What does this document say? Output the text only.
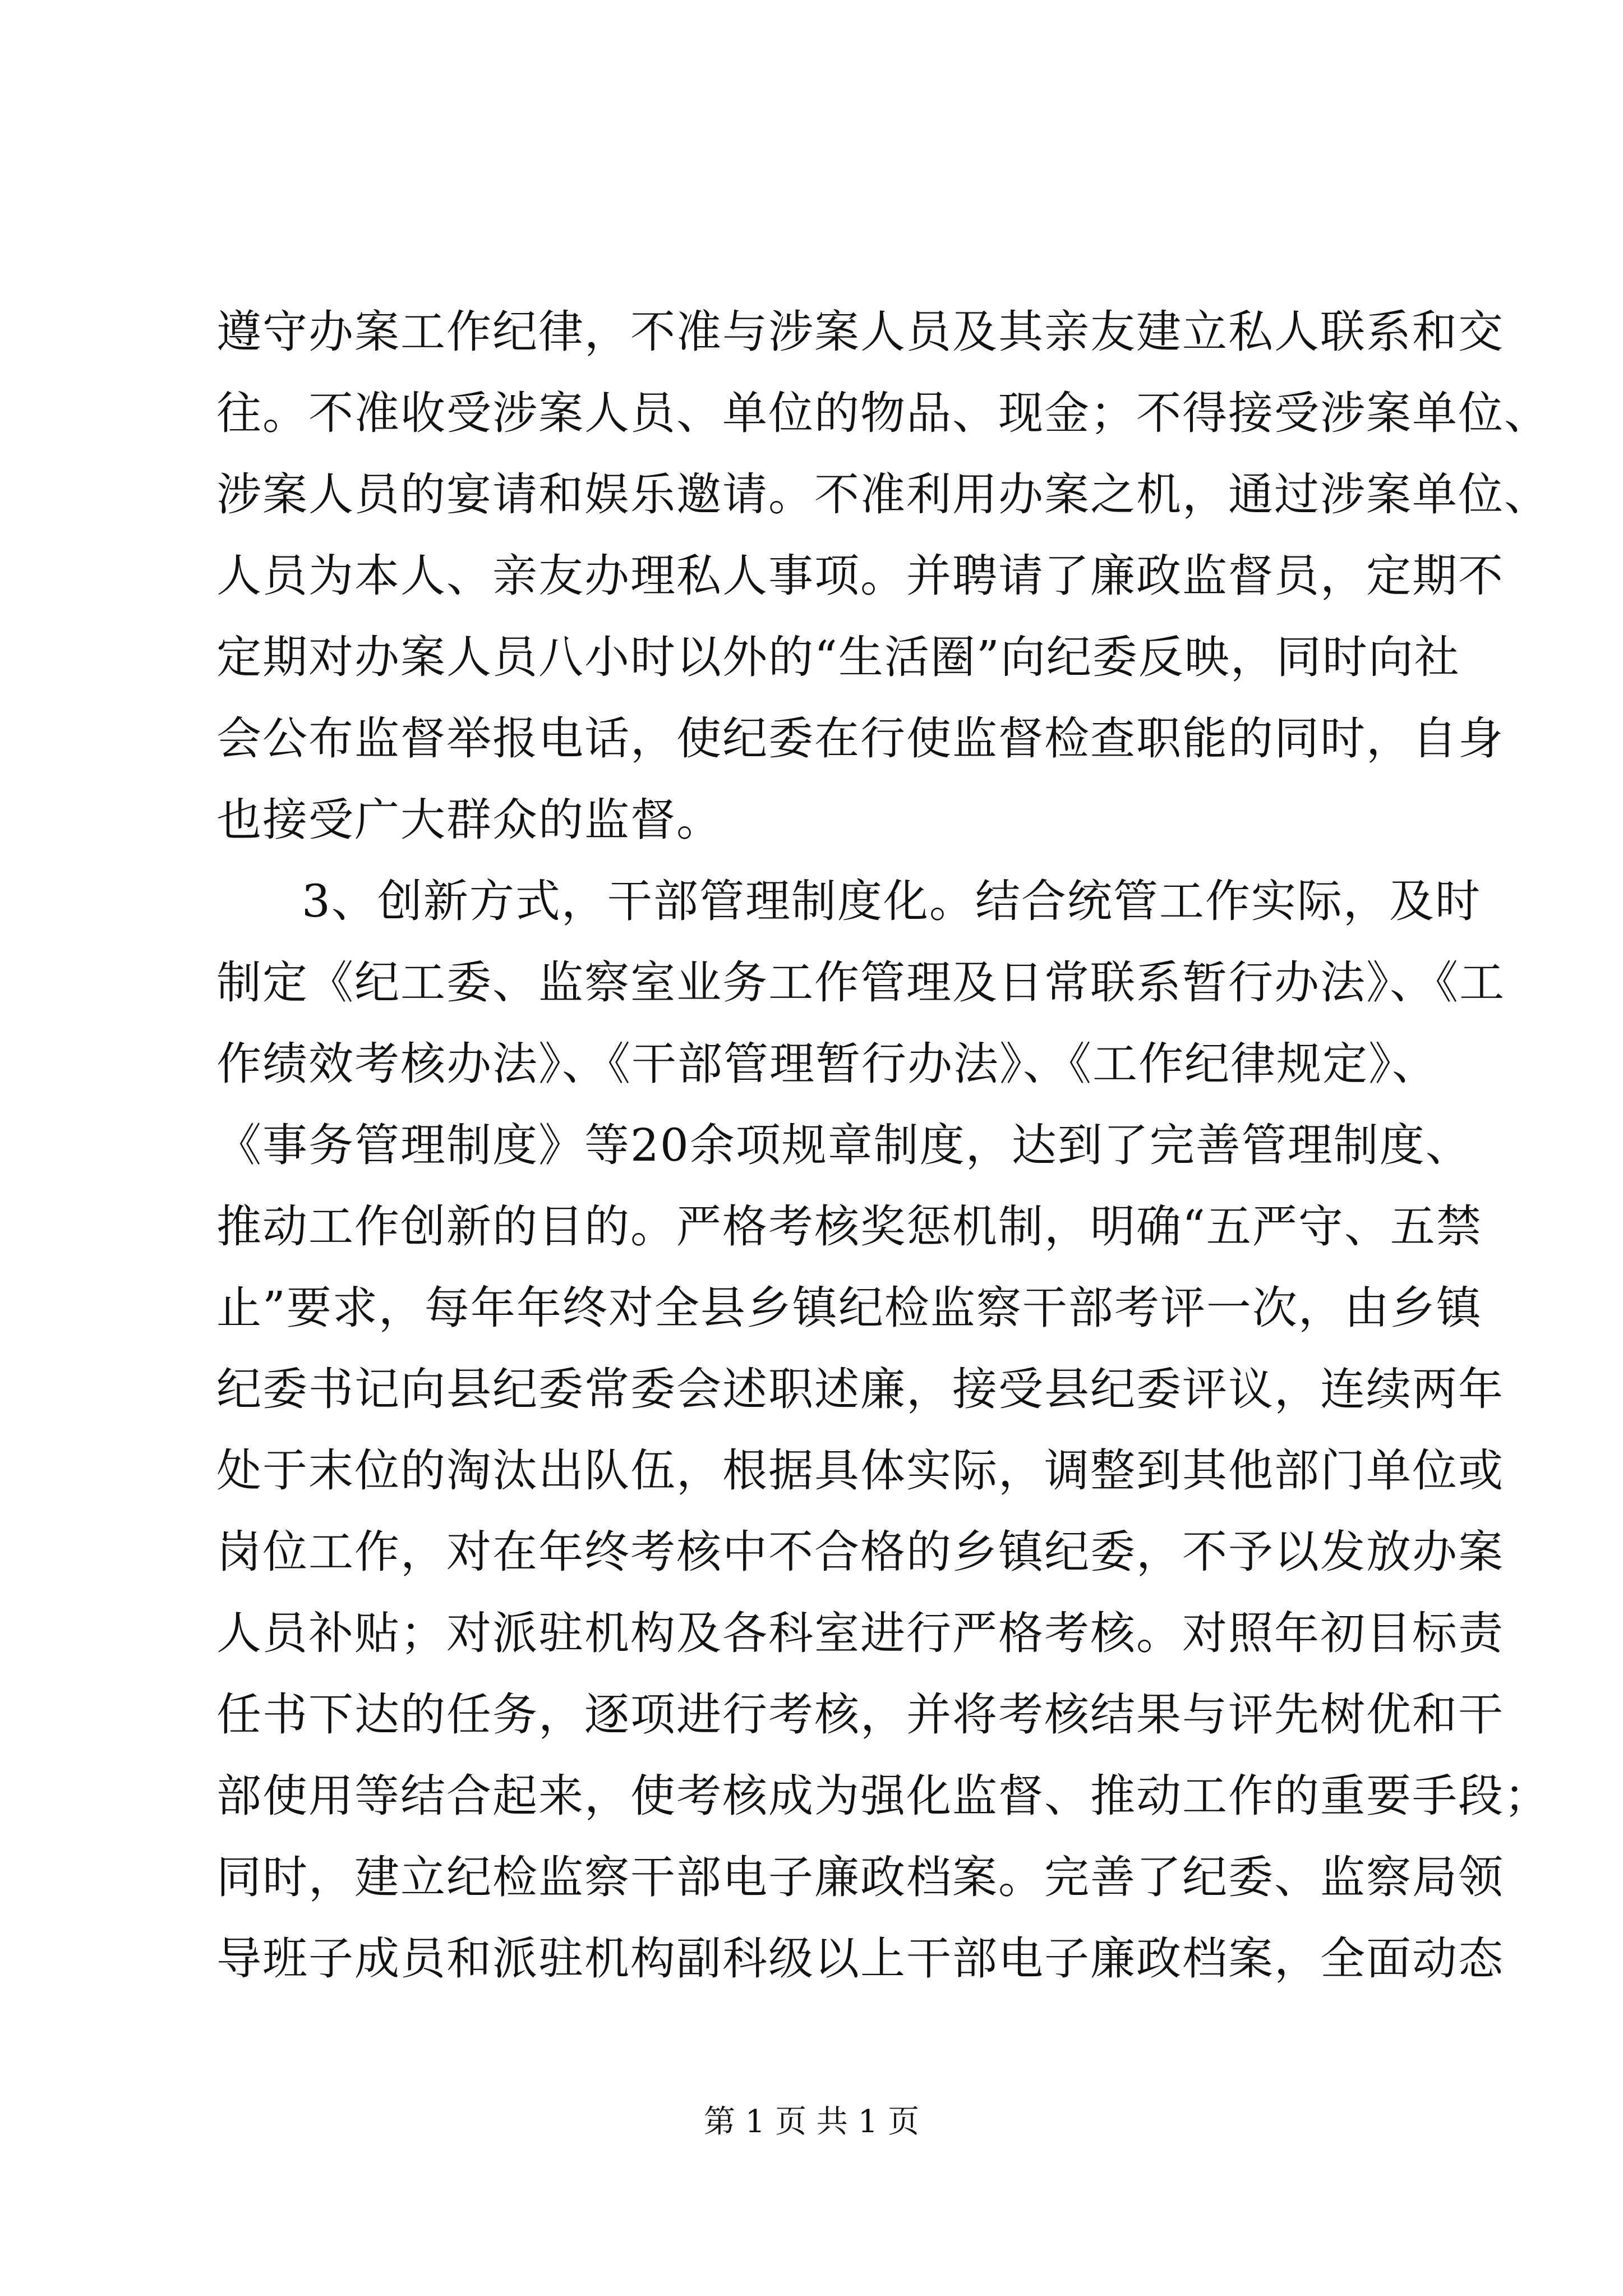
遵守办案工作纪律，不准与涉案人员及其亲友建立私人联系和交
往。不准收受涉案人员、单位的物品、现金；不得接受涉案单位、
涉案人员的宴请和娱乐邀请。不准利用办案之机，通过涉案单位、
人员为本人、亲友办理私人事项。并聘请了廉政监督员，定期不
定期对办案人员八小时以外的“生活圈”向纪委反映，同时向社
会公布监督举报电话，使纪委在行使监督检查职能的同时，自身
也接受广大群众的监督。
3、创新方式，干部管理制度化。结合统管工作实际，及时
制定《纪工委、监察室业务工作管理及日常联系暂行办法》、《工
作绩效考核办法》、《干部管理暂行办法》、《工作纪律规定》、
《事务管理制度》等20余项规章制度，达到了完善管理制度、
推动工作创新的目的。严格考核奖惩机制，明确“五严守、五禁
止”要求，每年年终对全县乡镇纪检监察干部考评一次，由乡镇
纪委书记向县纪委常委会述职述廉，接受县纪委评议，连续两年
处于末位的淘汰出队伍，根据具体实际，调整到其他部门单位或
岗位工作，对在年终考核中不合格的乡镇纪委，不予以发放办案
人员补贴；对派驻机构及各科室进行严格考核。对照年初目标责
任书下达的任务，逐项进行考核，并将考核结果与评先树优和干
部使用等结合起来，使考核成为强化监督、推动工作的重要手段；
同时，建立纪检监察干部电子廉政档案。完善了纪委、监察局领
导班子成员和派驻机构副科级以上干部电子廉政档案，全面动态
第 1 页 共 1 页
